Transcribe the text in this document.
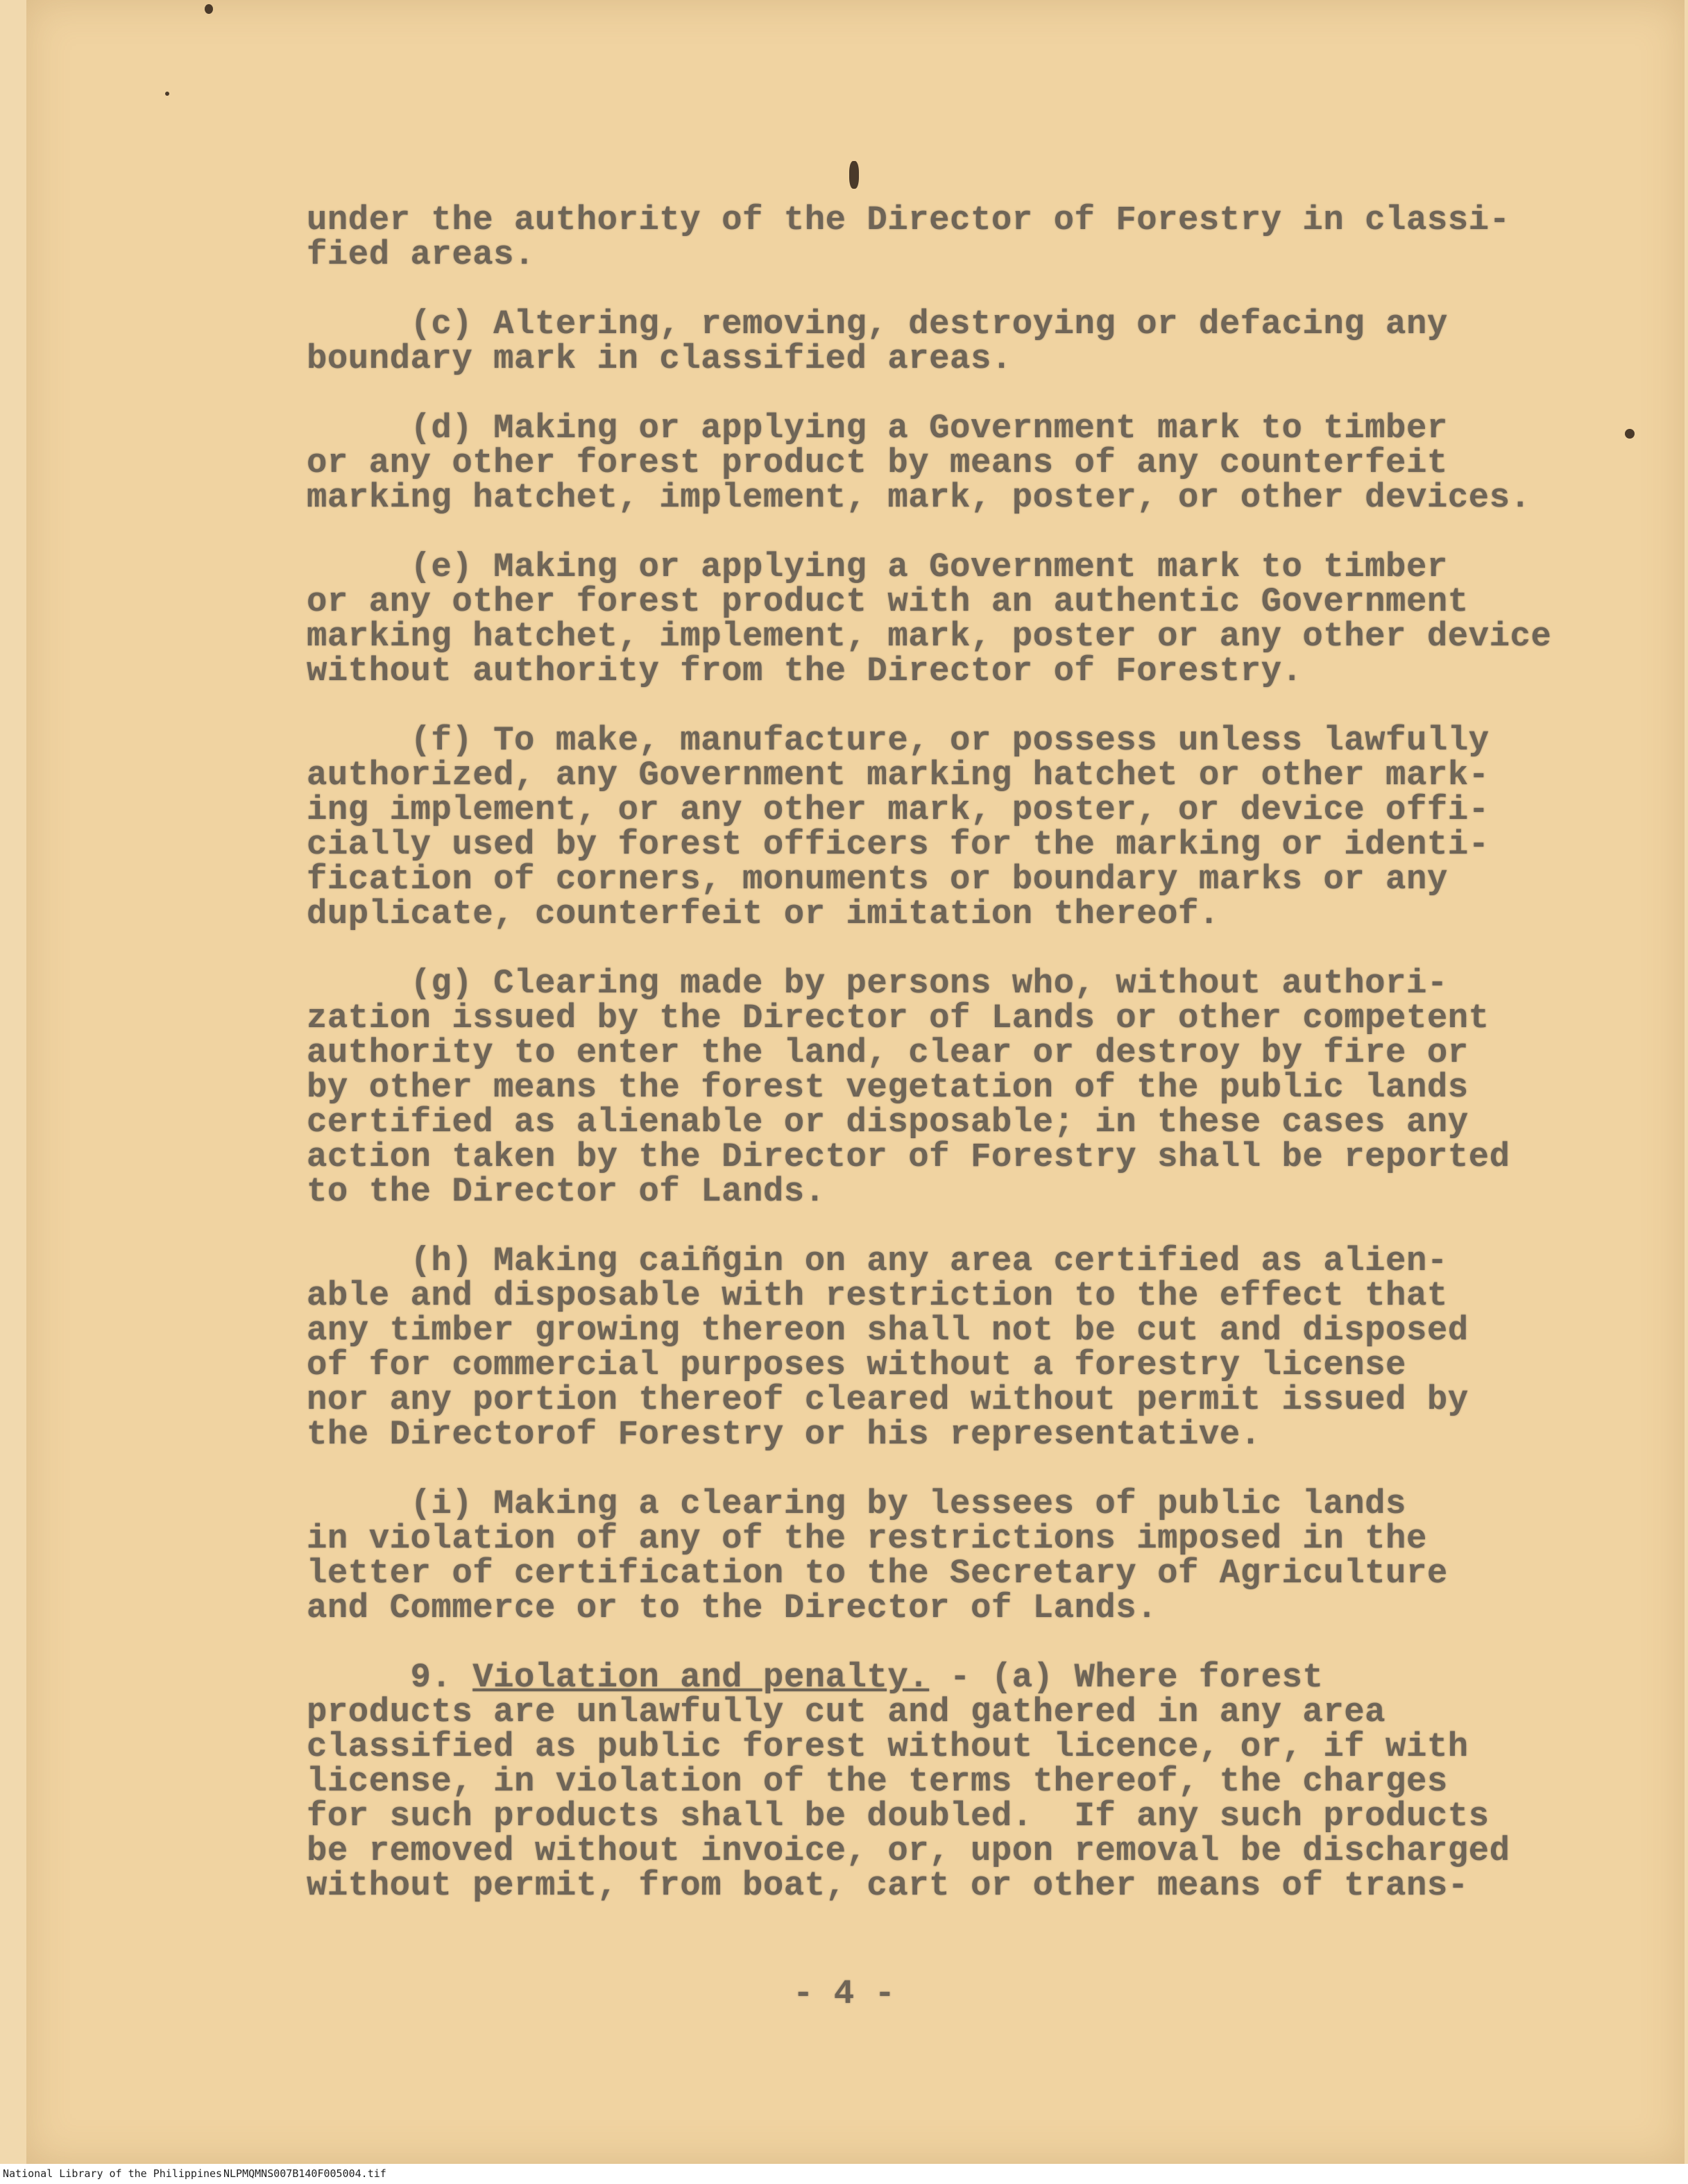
under the authority of the Director of Forestry in classi-
fied areas.
(c) Altering, removing, destroying or defacing any
boundary mark in classified areas.
(d) Making or applying a Government mark to timber
or any other forest product by means of any counterfeit
marking hatchet, implement, mark, poster, or other devices.
(e) Making or applying a Government mark to timber
or any other forest product with an authentic Government
marking hatchet, implement, mark, poster or any other device
without authority from the Director of Forestry.
(f) To make, manufacture, or possess unless lawfully
authorized, any Government marking hatchet or other mark-
ing implement, or any other mark, poster, or device offi-
cially used by forest officers for the marking or identi-
fication of corners, monuments or boundary marks or any
duplicate, counterfeit or imitation thereof.
(g) Clearing made by persons who, without authori-
zation issued by the Director of Lands or other competent
authority to enter the land, clear or destroy by fire or
by other means the forest vegetation of the public lands
certified as alienable or disposable; in these cases any
action taken by the Director of Forestry shall be reported
to the Director of Lands.
(h) Making caiñgin on any area certified as alien-
able and disposable with restriction to the effect that
any timber growing thereon shall not be cut and disposed
of for commercial purposes without a forestry license
nor any portion thereof cleared without permit issued by
the Directorof Forestry or his representative.
(i) Making a clearing by lessees of public lands
in violation of any of the restrictions imposed in the
letter of certification to the Secretary of Agriculture
and Commerce or to the Director of Lands.
9. Violation and penalty. - (a) Where forest
products are unlawfully cut and gathered in any area
classified as public forest without licence, or, if with
license, in violation of the terms thereof, the charges
for such products shall be doubled.  If any such products
be removed without invoice, or, upon removal be discharged
without permit, from boat, cart or other means of trans-
- 4 -
National Library of the Philippines NLPMQMNS007B140F005004.tif
